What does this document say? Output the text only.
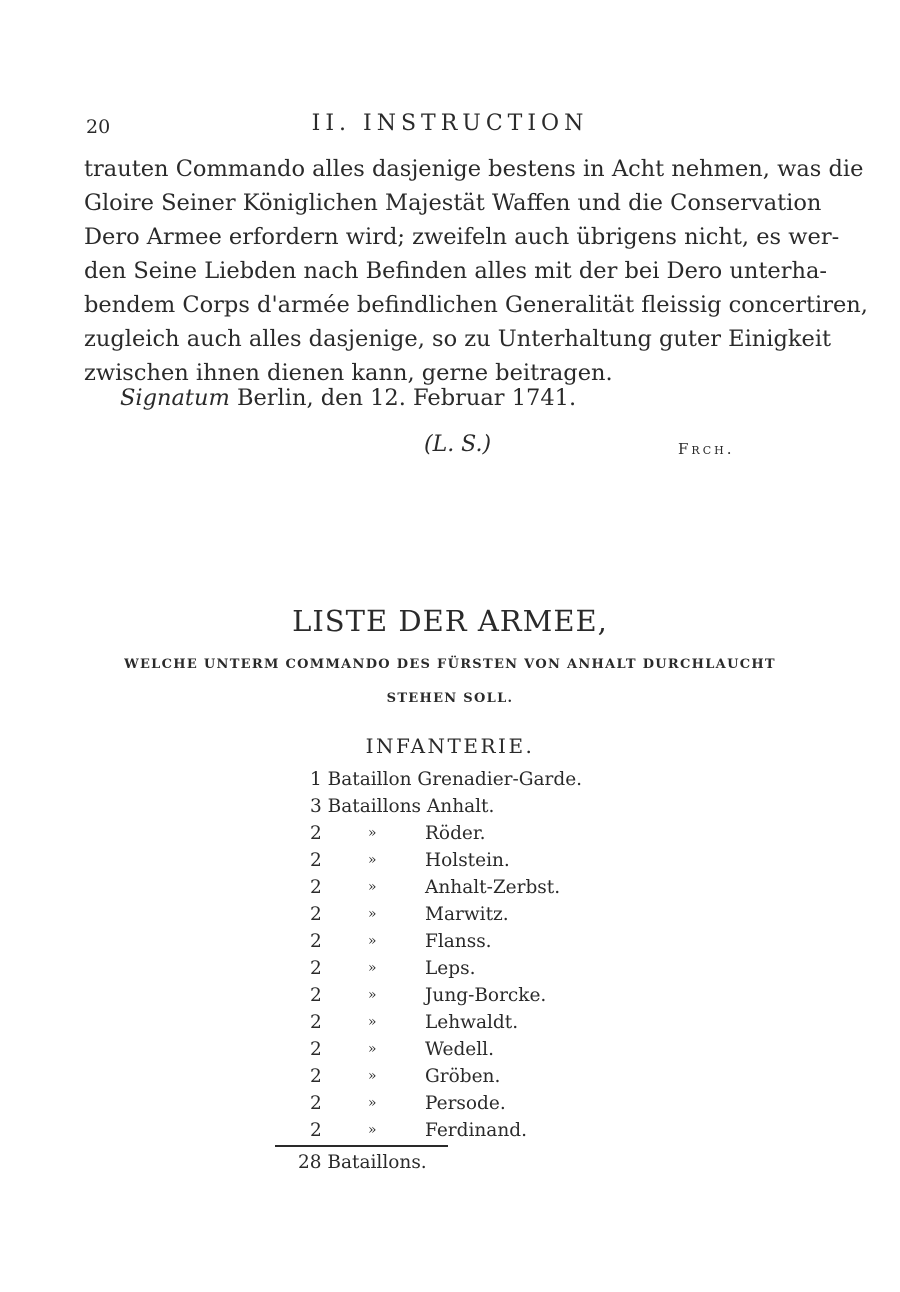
20	II. INSTRUCTION
trauten Commando alles dasjenige bestens in Acht nehmen, was die
Gloire Seiner Königlichen Majestät Waffen und die Conservation
Dero Armee erfordern wird; zweifeln auch übrigens nicht, es wer-
den Seine Liebden nach Befinden alles mit der bei Dero unterha-
bendem Corps d'armée befindlichen Generalität fleissig concertiren,
zugleich auch alles dasjenige, so zu Unterhaltung guter Einigkeit
zwischen ihnen dienen kann, gerne beitragen.
Signatum Berlin, den 12. Februar 1741.
(L. S.)	Frch.
LISTE DER ARMEE,
WELCHE UNTERM COMMANDO DES FÜRSTEN VON ANHALT DURCHLAUCHT
STEHEN SOLL.
INFANTERIE.
1 Bataillon Grenadier-Garde.
3 Bataillons Anhalt.
2	»	Röder.
2	»	Holstein.
2	»	Anhalt-Zerbst.
2	»	Marwitz.
2	»	Flanss.
2	»	Leps.
2	»	Jung-Borcke.
2	»	Lehwaldt.
2	»	Wedell.
2	»	Gröben.
2	»	Persode.
2	»	Ferdinand.
28 Bataillons.
